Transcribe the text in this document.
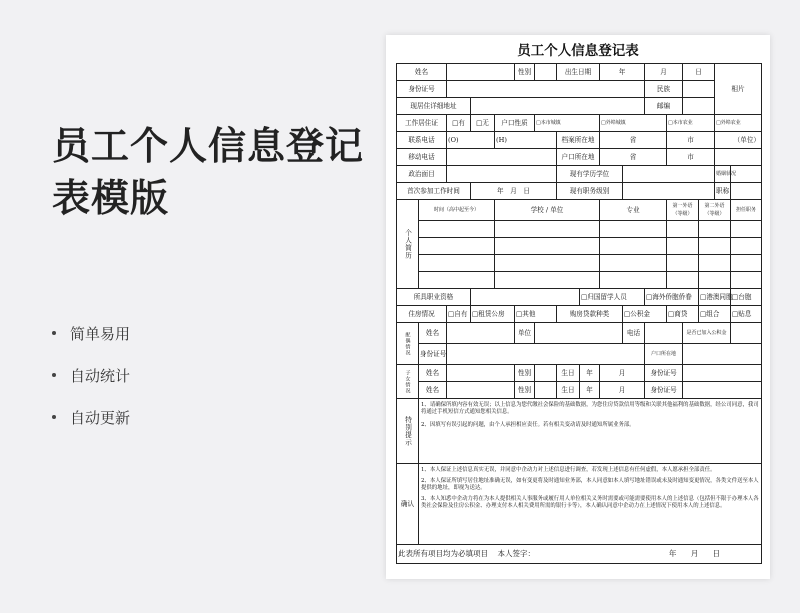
员工个人信息登记表模版
简单易用
自动统计
自动更新
员工个人信息登记表
姓名					性别		出生日期		年		月		日		相片	
身份证号											民族					
现居住详细地址											邮编					
工作居住证		□有	□无	户口性质		□本市城镇			□外埠城镇			□本市农业			□外埠农业	
联系电话		(O)		(H)			档案所在地		省			市			（单位）	
移动电话							户口所在地		省			市				
政治面目							现有学历学位								婚姻状况	
首次参加工作时间			年　 月　 日				现有职务级别								职称	
个人简历	时间（高中起至今）			学校 / 单位					专业			第一外语（等级）		第二外语（等级）		担任职务

所具职业资格								□归国留学人员			□海外侨胞侨眷			□港澳同胞		□台胞
住房情况		□自有	□租赁公房		□其他		购房贷款种类			□公积金		□商贷		□组合		□贴息
配偶情况	姓名				单位					电话			是否已加入公积金			
	身份证号										户口所在地					
子女情况	姓名				性别		生日	年	月		身份证号					
	姓名				性别		生日	年	月		身份证号					
特别提示	1、请确保所填内容有效无误；以上信息为您代缴社会保险的基础数据，为您住房贷款信用等级和关联其他福利的基础数据，经公司同意，我司将通过手机短信方式通知您相关信息。
2、因填写有误引起的问题，由个人承担相应责任。若有相关变动请及时通知所属业务部。															

确认	1、本人保证上述信息真实无误，并同意中企动力对上述信息进行调查，若发现上述信息有任何虚假，本人愿承担全部责任。
2、本人保证所填写居住地址准确无误，如有变更将及时通知业务部，本人同意如本人填写地址错误或未及时通知变更情况，各类文件送至本人提供的地址，即视为送达。
3、本人知悉中企动力将在为本人提供相关人事服务或履行用人单位相关义务时需要或可能需要使用本人的上述信息（包括但不限于办理本人各类社会保险及住房公积金、办理支付本人相关费用所需的银行卡等），本人确认同意中企动力在上述情况下使用本人的上述信息。															

此表所有项目均为必填项目 本人签字： 年 月 日																
